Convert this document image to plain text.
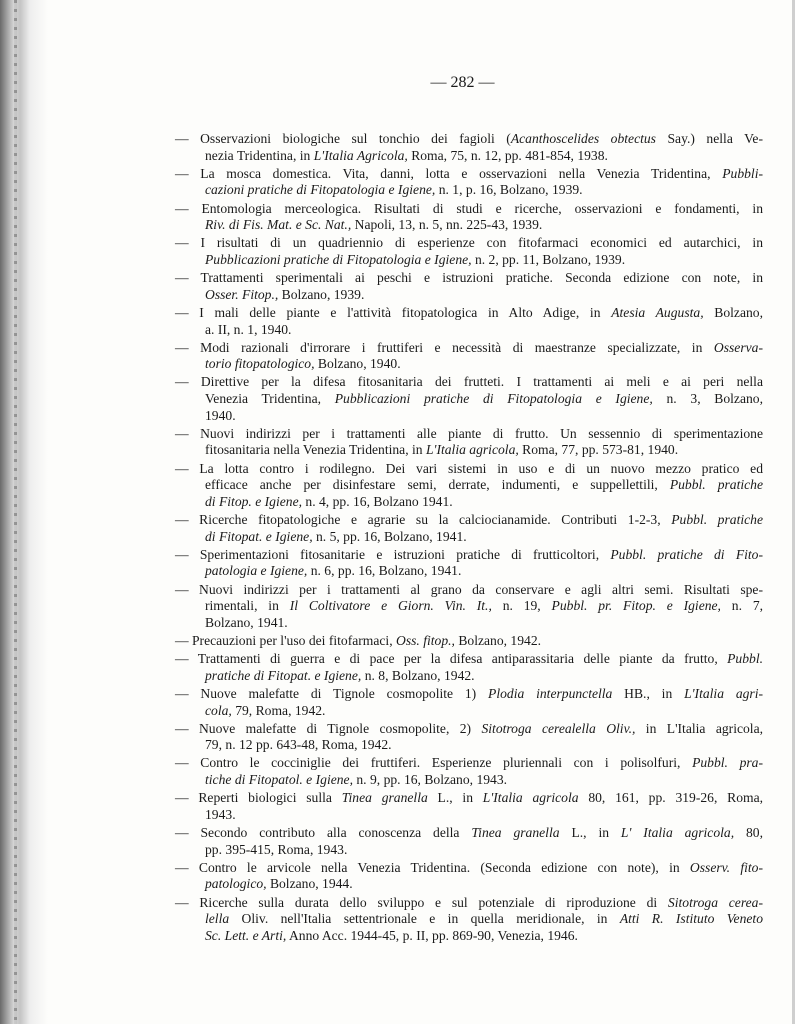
— 282 —
— Osservazioni biologiche sul tonchio dei fagioli (Acanthoscelides obtectus Say.) nella Ve-
nezia Tridentina, in L'Italia Agricola, Roma, 75, n. 12, pp. 481-854, 1938.
— La mosca domestica. Vita, danni, lotta e osservazioni nella Venezia Tridentina, Pubbli-
cazioni pratiche di Fitopatologia e Igiene, n. 1, p. 16, Bolzano, 1939.
— Entomologia merceologica. Risultati di studi e ricerche, osservazioni e fondamenti, in
Riv. di Fis. Mat. e Sc. Nat., Napoli, 13, n. 5, nn. 225-43, 1939.
— I risultati di un quadriennio di esperienze con fitofarmaci economici ed autarchici, in
Pubblicazioni pratiche di Fitopatologia e Igiene, n. 2, pp. 11, Bolzano, 1939.
— Trattamenti sperimentali ai peschi e istruzioni pratiche. Seconda edizione con note, in
Osser. Fitop., Bolzano, 1939.
— I mali delle piante e l'attività fitopatologica in Alto Adige, in Atesia Augusta, Bolzano,
a. II, n. 1, 1940.
— Modi razionali d'irrorare i fruttiferi e necessità di maestranze specializzate, in Osserva-
torio fitopatologico, Bolzano, 1940.
— Direttive per la difesa fitosanitaria dei frutteti. I trattamenti ai meli e ai peri nella
Venezia Tridentina, Pubblicazioni pratiche di Fitopatologia e Igiene, n. 3, Bolzano,
1940.
— Nuovi indirizzi per i trattamenti alle piante di frutto. Un sessennio di sperimentazione
fitosanitaria nella Venezia Tridentina, in L'Italia agricola, Roma, 77, pp. 573-81, 1940.
— La lotta contro i rodilegno. Dei vari sistemi in uso e di un nuovo mezzo pratico ed
efficace anche per disinfestare semi, derrate, indumenti, e suppellettili, Pubbl. pratiche
di Fitop. e Igiene, n. 4, pp. 16, Bolzano 1941.
— Ricerche fitopatologiche e agrarie su la calciocianamide. Contributi 1-2-3, Pubbl. pratiche
di Fitopat. e Igiene, n. 5, pp. 16, Bolzano, 1941.
— Sperimentazioni fitosanitarie e istruzioni pratiche di frutticoltori, Pubbl. pratiche di Fito-
patologia e Igiene, n. 6, pp. 16, Bolzano, 1941.
— Nuovi indirizzi per i trattamenti al grano da conservare e agli altri semi. Risultati spe-
rimentali, in Il Coltivatore e Giorn. Vin. It., n. 19, Pubbl. pr. Fitop. e Igiene, n. 7,
Bolzano, 1941.
— Precauzioni per l'uso dei fitofarmaci, Oss. fitop., Bolzano, 1942.
— Trattamenti di guerra e di pace per la difesa antiparassitaria delle piante da frutto, Pubbl.
pratiche di Fitopat. e Igiene, n. 8, Bolzano, 1942.
— Nuove malefatte di Tignole cosmopolite 1) Plodia interpunctella HB., in L'Italia agri-
cola, 79, Roma, 1942.
— Nuove malefatte di Tignole cosmopolite, 2) Sitotroga cerealella Oliv., in L'Italia agricola,
79, n. 12 pp. 643-48, Roma, 1942.
— Contro le cocciniglie dei fruttiferi. Esperienze pluriennali con i polisolfuri, Pubbl. pra-
tiche di Fitopatol. e Igiene, n. 9, pp. 16, Bolzano, 1943.
— Reperti biologici sulla Tinea granella L., in L'Italia agricola 80, 161, pp. 319-26, Roma,
1943.
— Secondo contributo alla conoscenza della Tinea granella L., in L' Italia agricola, 80,
pp. 395-415, Roma, 1943.
— Contro le arvicole nella Venezia Tridentina. (Seconda edizione con note), in Osserv. fito-
patologico, Bolzano, 1944.
— Ricerche sulla durata dello sviluppo e sul potenziale di riproduzione di Sitotroga cerea-
lella Oliv. nell'Italia settentrionale e in quella meridionale, in Atti R. Istituto Veneto
Sc. Lett. e Arti, Anno Acc. 1944-45, p. II, pp. 869-90, Venezia, 1946.
